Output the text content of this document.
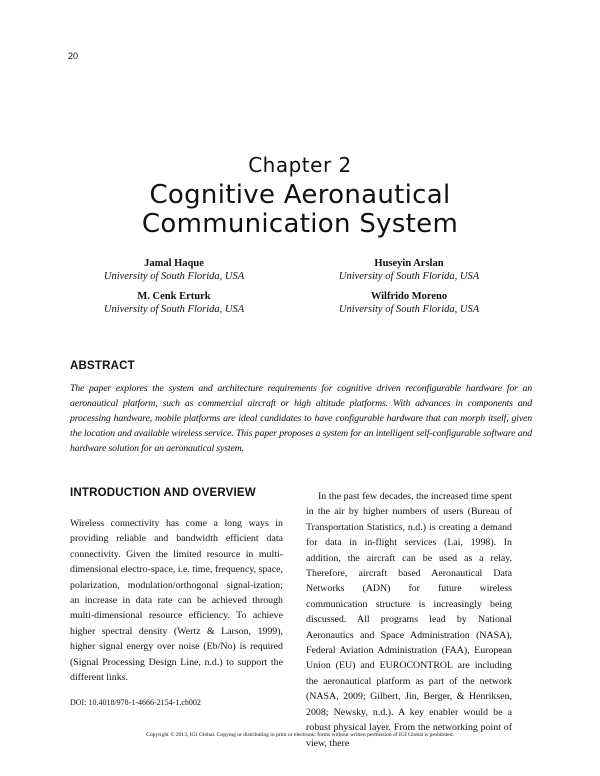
20
Chapter 2
Cognitive Aeronautical
Communication System
Jamal Haque
University of South Florida, USA
Huseyin Arslan
University of South Florida, USA
M. Cenk Erturk
University of South Florida, USA
Wilfrido Moreno
University of South Florida, USA
ABSTRACT
The paper explores the system and architecture requirements for cognitive driven reconfigurable hardware for an aeronautical platform, such as commercial aircraft or high altitude platforms. With advances in components and processing hardware, mobile platforms are ideal candidates to have configurable hardware that can morph itself, given the location and available wireless service. This paper proposes a system for an intelligent self-configurable software and hardware solution for an aeronautical system.
INTRODUCTION AND OVERVIEW
Wireless connectivity has come a long ways in providing reliable and bandwidth efficient data connectivity. Given the limited resource in multi-dimensional electro-space, i.e. time, frequency, space, polarization, modulation/orthogonal signal-ization; an increase in data rate can be achieved through multi-dimensional resource efficiency. To achieve higher spectral density (Wertz & Larson, 1999), higher signal energy over noise (Eb/No) is required (Signal Processing Design Line, n.d.) to support the different links.
In the past few decades, the increased time spent in the air by higher numbers of users (Bureau of Transportation Statistics, n.d.) is creating a demand for data in in-flight services (Lai, 1998). In addition, the aircraft can be used as a relay. Therefore, aircraft based Aeronautical Data Networks (ADN) for future wireless communication structure is increasingly being discussed. All programs lead by National Aeronautics and Space Administration (NASA), Federal Aviation Administration (FAA), European Union (EU) and EUROCONTROL are including the aeronautical platform as part of the network (NASA, 2009; Gilbert, Jin, Berger, & Henriksen, 2008; Newsky, n.d.). A key enabler would be a robust physical layer. From the networking point of view, there
DOI: 10.4018/978-1-4666-2154-1.ch002
Copyright © 2013, IGI Global. Copying or distributing in print or electronic forms without written permission of IGI Global is prohibited.
